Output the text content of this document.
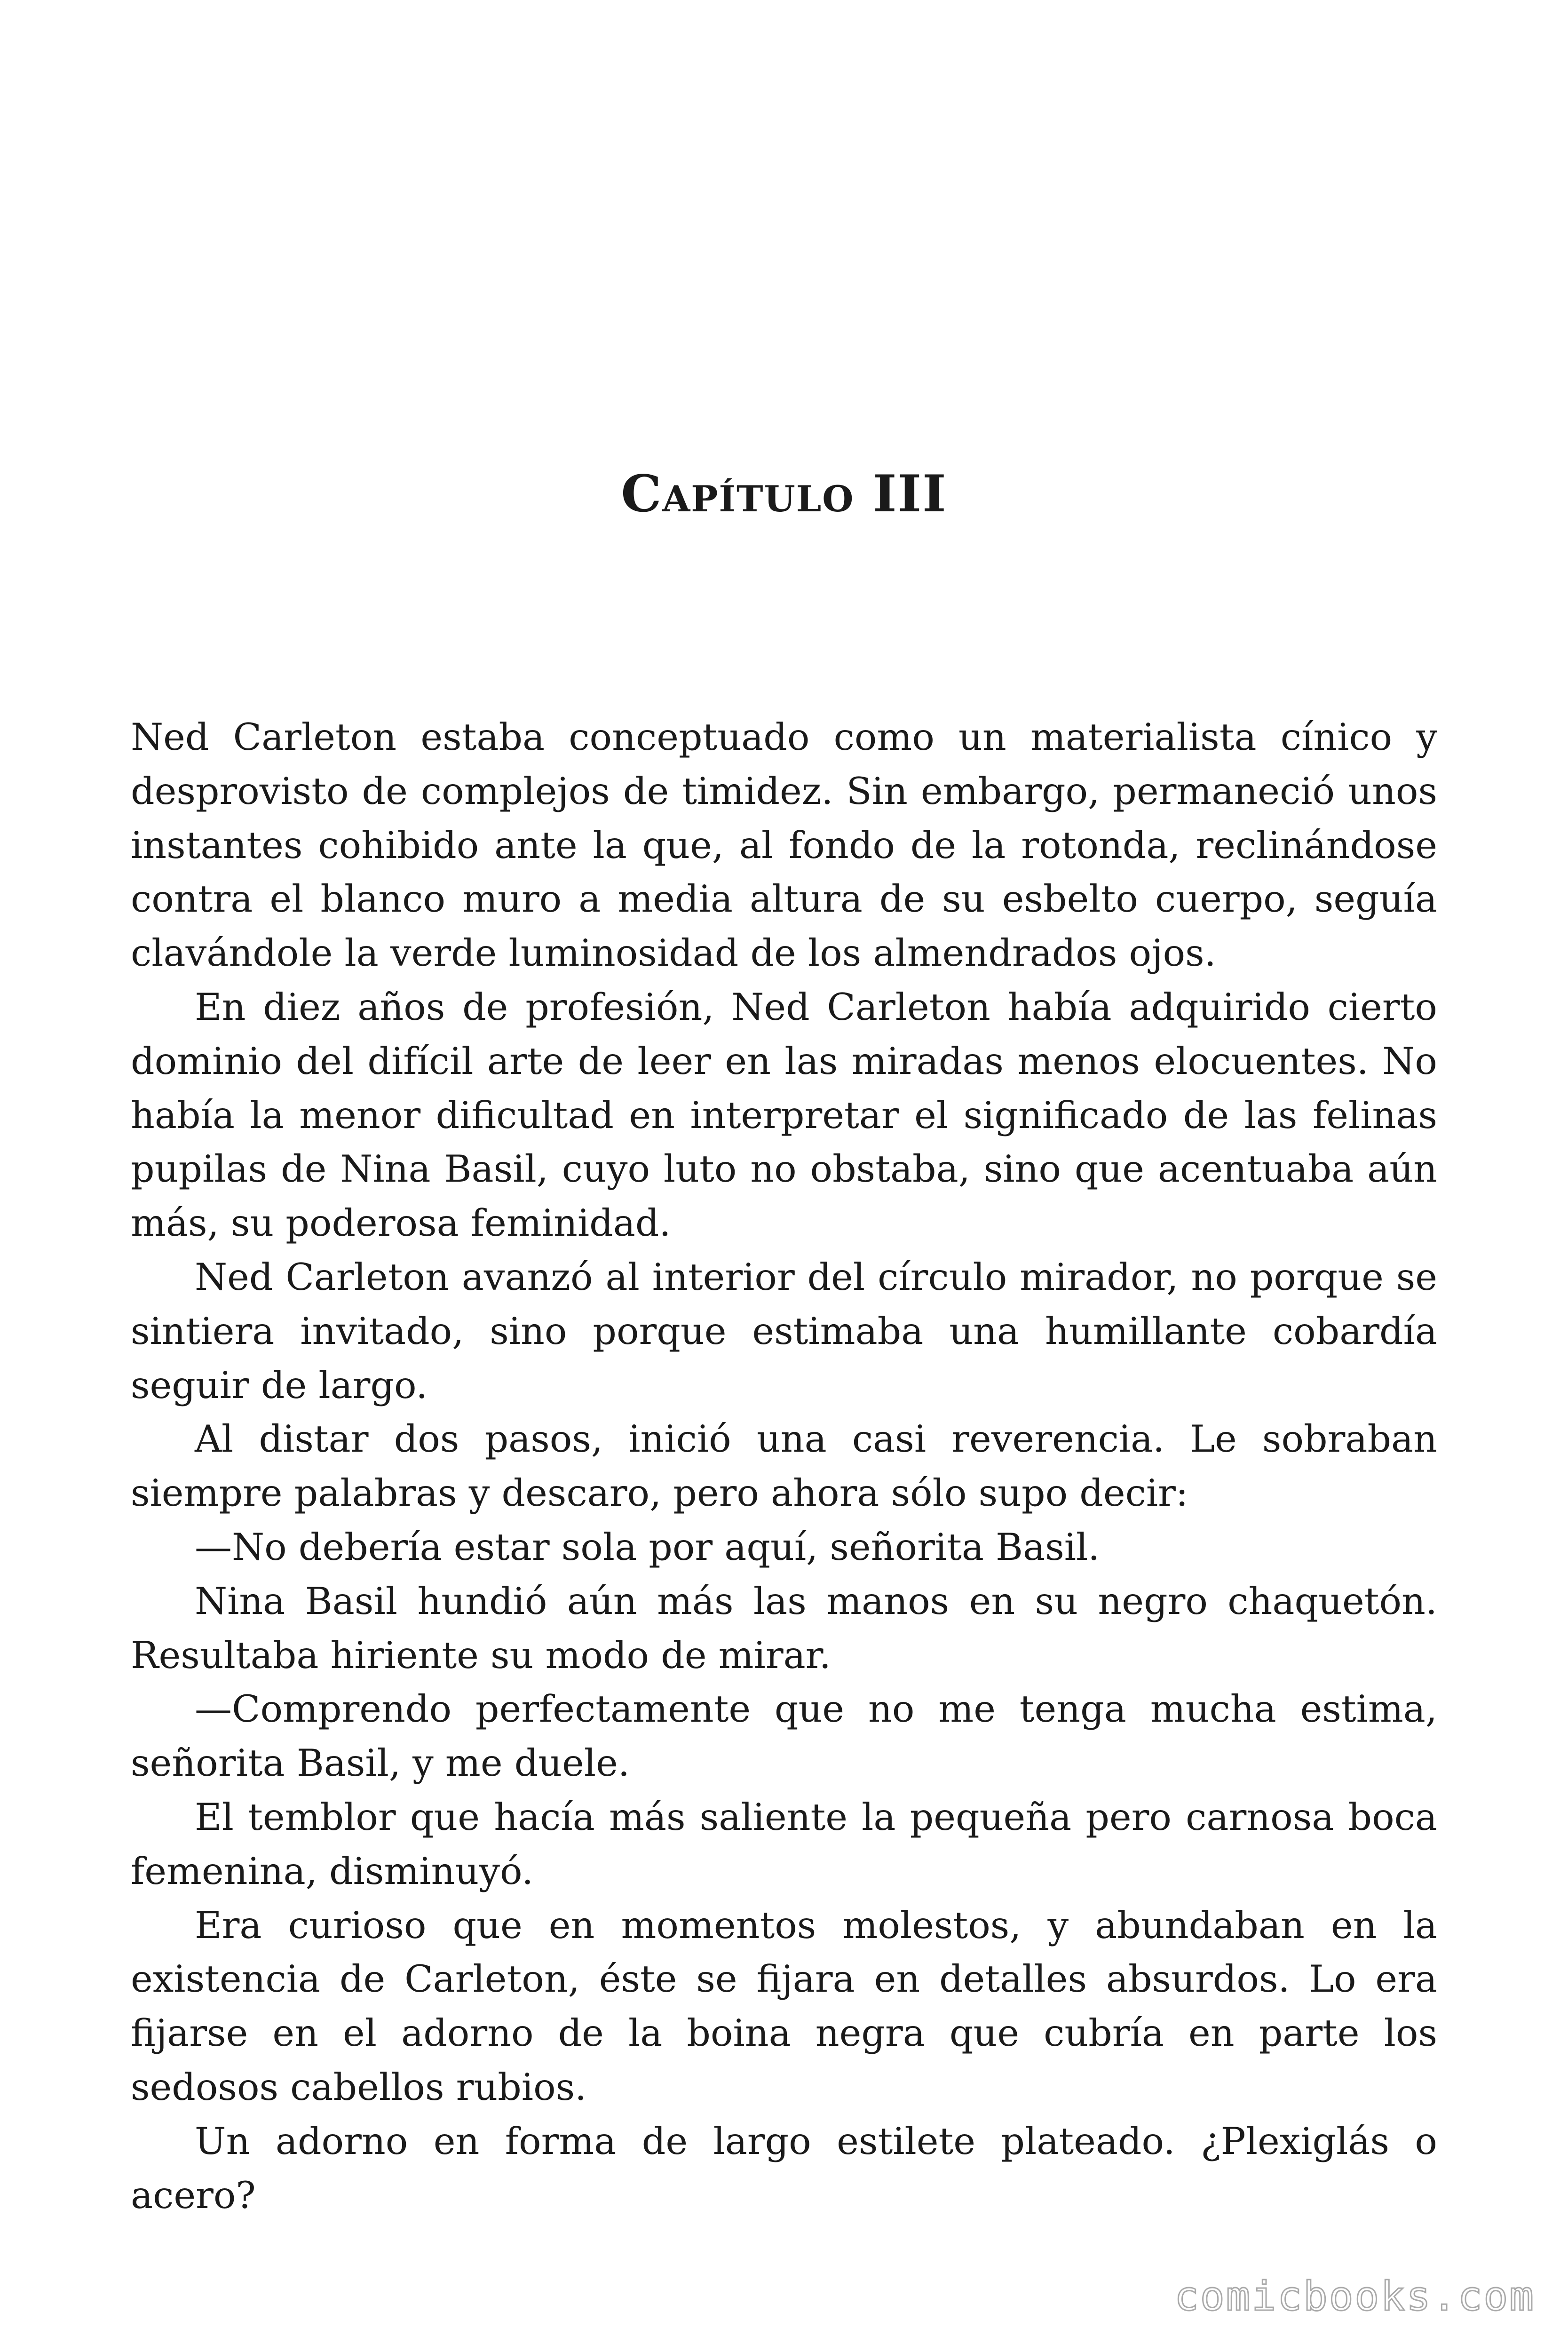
Capítulo III

Ned Carleton estaba conceptuado como un materialista cínico y desprovisto de complejos de timidez. Sin embargo, permaneció unos instantes cohibido ante la que, al fondo de la rotonda, reclinándose contra el blanco muro a media altura de su esbelto cuerpo, seguía clavándole la verde luminosidad de los almendrados ojos.

En diez años de profesión, Ned Carleton había adquirido cierto dominio del difícil arte de leer en las miradas menos elocuentes. No había la menor dificultad en interpretar el significado de las felinas pupilas de Nina Basil, cuyo luto no obstaba, sino que acentuaba aún más, su poderosa feminidad.

Ned Carleton avanzó al interior del círculo mirador, no porque se sintiera invitado, sino porque estimaba una humillante cobardía seguir de largo.

Al distar dos pasos, inició una casi reverencia. Le sobraban siempre palabras y descaro, pero ahora sólo supo decir:

—No debería estar sola por aquí, señorita Basil.

Nina Basil hundió aún más las manos en su negro chaquetón. Resultaba hiriente su modo de mirar.

—Comprendo perfectamente que no me tenga mucha estima, señorita Basil, y me duele.

El temblor que hacía más saliente la pequeña pero carnosa boca femenina, disminuyó.

Era curioso que en momentos molestos, y abundaban en la existencia de Carleton, éste se fijara en detalles absurdos. Lo era fijarse en el adorno de la boina negra que cubría en parte los sedosos cabellos rubios.

Un adorno en forma de largo estilete plateado. ¿Plexiglás o acero?

comicbooks.com
